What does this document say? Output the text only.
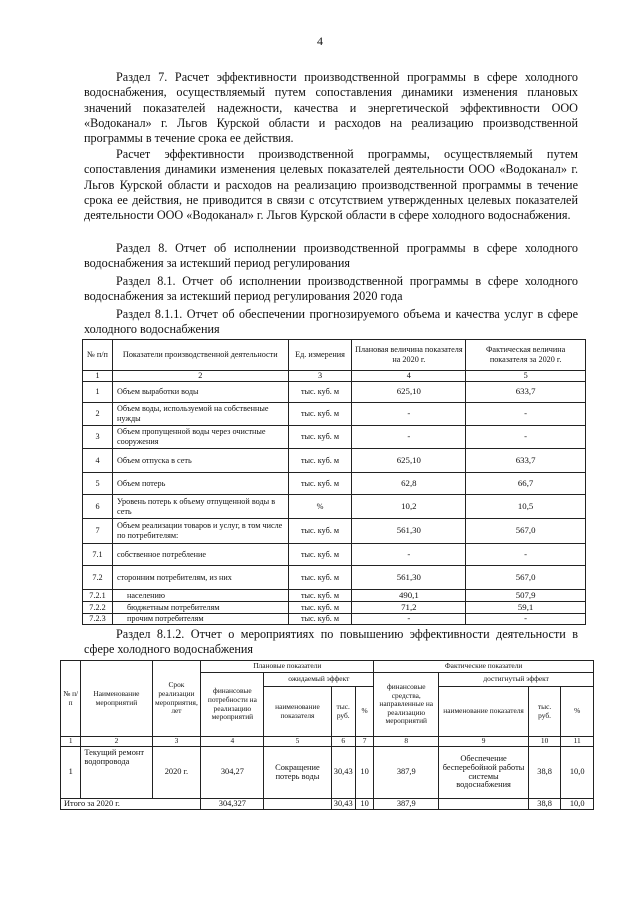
4

Раздел 7. Расчет эффективности производственной программы в сфере холодного водоснабжения, осуществляемый путем сопоставления динамики изменения плановых значений показателей надежности, качества и энергетической эффективности ООО «Водоканал» г. Льгов Курской области и расходов на реализацию производственной программы в течение срока ее действия.

Расчет эффективности производственной программы, осуществляемый путем сопоставления динамики изменения целевых показателей деятельности ООО «Водоканал» г. Льгов Курской области и расходов на реализацию производственной программы в течение срока ее действия, не приводится в связи с отсутствием утвержденных целевых показателей деятельности ООО «Водоканал» г. Льгов Курской области в сфере холодного водоснабжения.

Раздел 8. Отчет об исполнении производственной программы в сфере холодного водоснабжения за истекший период регулирования

Раздел 8.1. Отчет об исполнении производственной программы в сфере холодного водоснабжения за истекший период регулирования 2020 года

Раздел 8.1.1. Отчет об обеспечении прогнозируемого объема и качества услуг в сфере холодного водоснабжения

№ п/п	Показатели производственной деятельности	Ед. измерения	Плановая величина показателя на 2020 г.	Фактическая величина показателя за 2020 г.
1	2	3	4	5
1	Объем выработки воды	тыс. куб. м	625,10	633,7
2	Объем воды, используемой на собственные нужды	тыс. куб. м	-	-
3	Объем пропущенной воды через очистные сооружения	тыс. куб. м	-	-
4	Объем отпуска в сеть	тыс. куб. м	625,10	633,7
5	Объем потерь	тыс. куб. м	62,8	66,7
6	Уровень потерь к объему отпущенной воды в сеть	%	10,2	10,5
7	Объем реализации товаров и услуг, в том числе по потребителям:	тыс. куб. м	561,30	567,0
7.1	собственное потребление	тыс. куб. м	-	-
7.2	сторонним потребителям, из них	тыс. куб. м	561,30	567,0
7.2.1	населению	тыс. куб. м	490,1	507,9
7.2.2	бюджетным потребителям	тыс. куб. м	71,2	59,1
7.2.3	прочим потребителям	тыс. куб. м	-	-

Раздел 8.1.2. Отчет о мероприятиях по повышению эффективности деятельности в сфере холодного водоснабжения

№ п/п	Наименование мероприятий	Срок реализации мероприятия, лет	Плановые показатели				Фактические показатели			
			финансовые потребности на реализацию мероприятий	ожидаемый эффект			финансовые средства, направленные на реализацию мероприятий	достигнутый эффект		
				наименование показателя	тыс. руб.	%		наименование показателя	тыс. руб.	%
1	2	3	4	5	6	7	8	9	10	11
1	Текущий ремонт водопровода	2020 г.	304,27	Сокращение потерь воды	30,43	10	387,9	Обеспечение бесперебойной работы системы водоснабжения	38,8	10,0
Итого за 2020 г.			304,327		30,43	10	387,9		38,8	10,0
